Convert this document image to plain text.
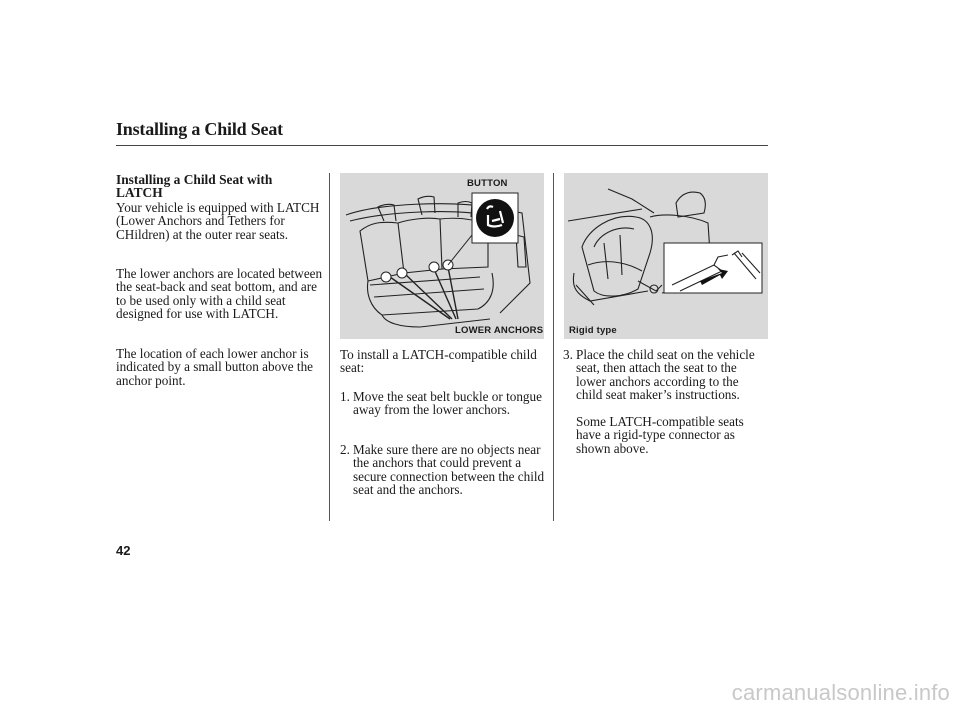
Installing a Child Seat
Installing a Child Seat with LATCH
Your vehicle is equipped with LATCH (Lower Anchors and Tethers for CHildren) at the outer rear seats.
The lower anchors are located between the seat-back and seat bottom, and are to be used only with a child seat designed for use with LATCH.
The location of each lower anchor is indicated by a small button above the anchor point.
BUTTON
LOWER ANCHORS	Rigid type
To install a LATCH-compatible child seat:
1. Move the seat belt buckle or tongue away from the lower anchors.
2. Make sure there are no objects near the anchors that could prevent a secure connection between the child seat and the anchors.
3. Place the child seat on the vehicle seat, then attach the seat to the lower anchors according to the child seat maker’s instructions.
Some LATCH-compatible seats have a rigid-type connector as shown above.
42
carmanualsonline.info
